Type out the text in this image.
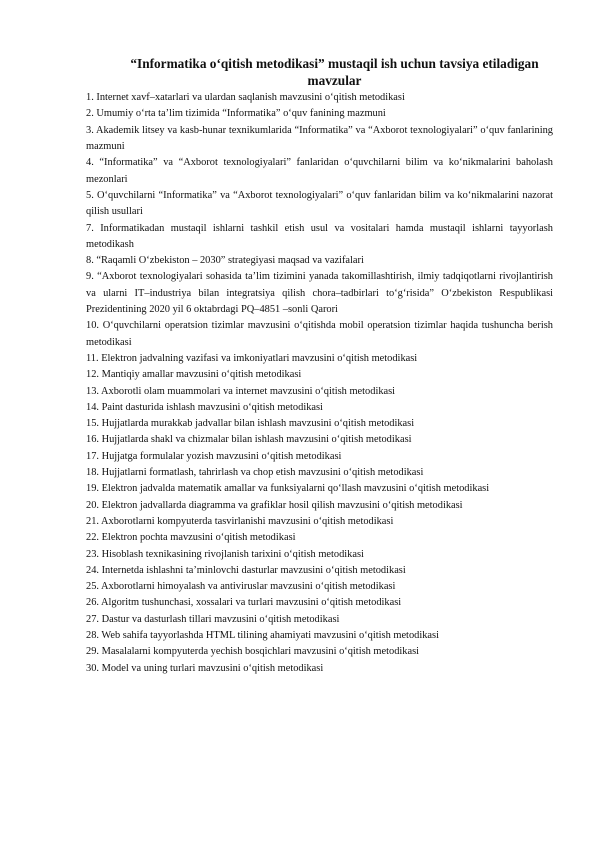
“Informatika o‘qitish metodikasi” mustaqil ish uchun tavsiya etiladigan mavzular

1. Internet xavf–xatarlari va ulardan saqlanish mavzusini o‘qitish metodikasi

2. Umumiy o‘rta ta’lim tizimida “Informatika” o‘quv fanining mazmuni

3. Akademik litsey va kasb-hunar texnikumlarida “Informatika” va “Axborot texnologiyalari” o‘quv fanlarining mazmuni

4. “Informatika” va “Axborot texnologiyalari” fanlaridan o‘quvchilarni bilim va ko‘nikmalarini baholash mezonlari

5. O‘quvchilarni “Informatika” va “Axborot texnologiyalari” o‘quv fanlaridan bilim va ko‘nikmalarini nazorat qilish usullari

7. Informatikadan mustaqil ishlarni tashkil etish usul va vositalari hamda mustaqil ishlarni tayyorlash metodikash

8. “Raqamli O‘zbekiston – 2030” strategiyasi maqsad va vazifalari

9. “Axborot texnologiyalari sohasida ta’lim tizimini yanada takomillashtirish, ilmiy tadqiqotlarni rivojlantirish va ularni IT–industriya bilan integratsiya qilish chora–tadbirlari to‘g‘risida” O‘zbekiston Respublikasi Prezidentining 2020 yil 6 oktabrdagi PQ–4851 –sonli Qarori

10. O‘quvchilarni operatsion tizimlar mavzusini o‘qitishda mobil operatsion tizimlar haqida tushuncha berish metodikasi

11. Elektron jadvalning vazifasi va imkoniyatlari mavzusini o‘qitish metodikasi

12. Mantiqiy amallar mavzusini o‘qitish metodikasi

13. Axborotli olam muammolari va internet mavzusini o‘qitish metodikasi

14. Paint dasturida ishlash mavzusini o‘qitish metodikasi

15. Hujjatlarda murakkab jadvallar bilan ishlash mavzusini o‘qitish metodikasi

16. Hujjatlarda shakl va chizmalar bilan ishlash mavzusini o‘qitish metodikasi

17. Hujjatga formulalar yozish mavzusini o‘qitish metodikasi

18. Hujjatlarni formatlash, tahrirlash va chop etish mavzusini o‘qitish metodikasi

19. Elektron jadvalda matematik amallar va funksiyalarni qo‘llash mavzusini o‘qitish metodikasi

20. Elektron jadvallarda diagramma va grafiklar hosil qilish mavzusini o‘qitish metodikasi

21. Axborotlarni kompyuterda tasvirlanishi mavzusini o‘qitish metodikasi

22. Elektron pochta mavzusini o‘qitish metodikasi

23. Hisoblash texnikasining rivojlanish tarixini o‘qitish metodikasi

24. Internetda ishlashni ta’minlovchi dasturlar mavzusini o‘qitish metodikasi

25. Axborotlarni himoyalash va antiviruslar mavzusini o‘qitish metodikasi

26. Algoritm tushunchasi, xossalari va turlari mavzusini o‘qitish metodikasi

27. Dastur va dasturlash tillari mavzusini o‘qitish metodikasi

28. Web sahifa tayyorlashda HTML tilining ahamiyati mavzusini o‘qitish metodikasi

29. Masalalarni kompyuterda yechish bosqichlari mavzusini o‘qitish metodikasi

30. Model va uning turlari mavzusini o‘qitish metodikasi
